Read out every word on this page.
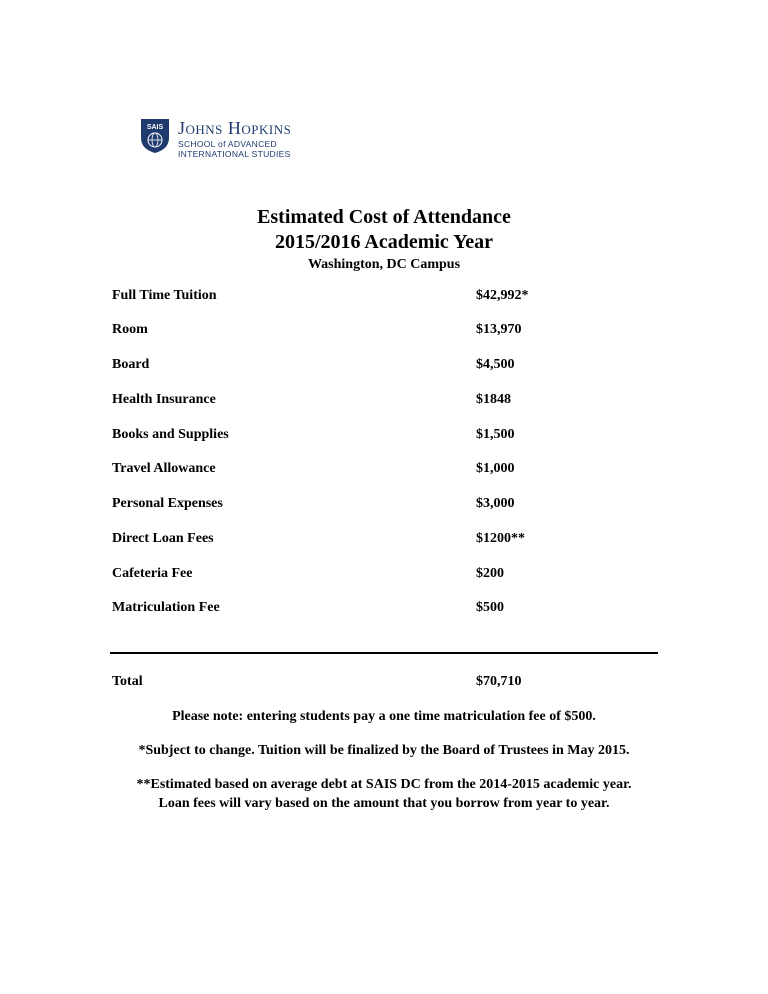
SAIS Johns Hopkins
SCHOOL of ADVANCED
INTERNATIONAL STUDIES
Estimated Cost of Attendance
2015/2016 Academic Year
Washington, DC Campus
Full Time Tuition	$42,992*
Room	$13,970
Board	$4,500
Health Insurance	$1848
Books and Supplies	$1,500
Travel Allowance	$1,000
Personal Expenses	$3,000
Direct Loan Fees	$1200**
Cafeteria Fee	$200
Matriculation Fee	$500
Total	$70,710
Please note: entering students pay a one time matriculation fee of $500.
*Subject to change. Tuition will be finalized by the Board of Trustees in May 2015.
**Estimated based on average debt at SAIS DC from the 2014-2015 academic year.
Loan fees will vary based on the amount that you borrow from year to year.
